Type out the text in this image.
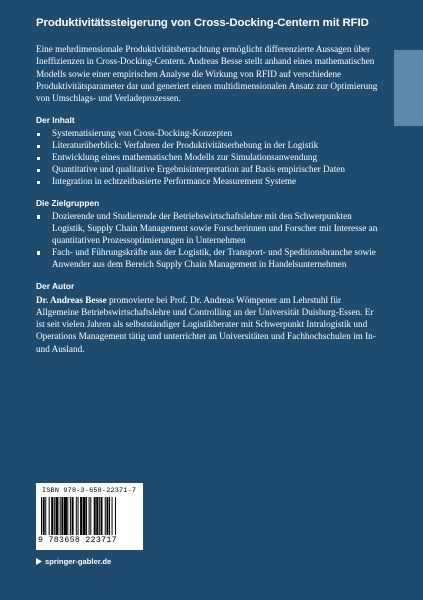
Produktivitätssteigerung von Cross-Docking-Centern mit RFID

Eine mehrdimensionale Produktivitätsbetrachtung ermöglicht differenzierte Aussagen über Ineffizienzen in Cross-Docking-Centern. Andreas Besse stellt anhand eines mathematischen Modells sowie einer empirischen Analyse die Wirkung von RFID auf verschiedene Produktivitätsparameter dar und generiert einen multidimensionalen Ansatz zur Optimierung von Umschlags- und Verladeprozessen.

Der Inhalt
Systematisierung von Cross-Docking-Konzepten
Literaturüberblick: Verfahren der Produktivitätserhebung in der Logistik
Entwicklung eines mathematischen Modells zur Simulationsanwendung
Quantitative und qualitative Ergebnisinterpretation auf Basis empirischer Daten
Integration in echtzeitbasierte Performance Measurement Systeme
Die Zielgruppen
Dozierende und Studierende der Betriebswirtschaftslehre mit den Schwerpunkten Logistik, Supply Chain Management sowie Forscherinnen und Forscher mit Interesse an quantitativen Prozessoptimierungen in Unternehmen
Fach- und Führungskräfte aus der Logistik, der Transport- und Speditionsbranche sowie Anwender aus dem Bereich Supply Chain Management in Handelsunternehmen
Der Autor

Dr. Andreas Besse promovierte bei Prof. Dr. Andreas Wömpener am Lehrstuhl für Allgemeine Betriebswirtschaftslehre und Controlling an der Universität Duisburg-Essen. Er ist seit vielen Jahren als selbstständiger Logistikberater mit Schwerpunkt Intralogistik und Operations Management tätig und unterrichtet an Universitäten und Fachhochschulen im In- und Ausland.

ISBN 978-3-658-22371-7
9 783658 223717
springer-gabler.de
